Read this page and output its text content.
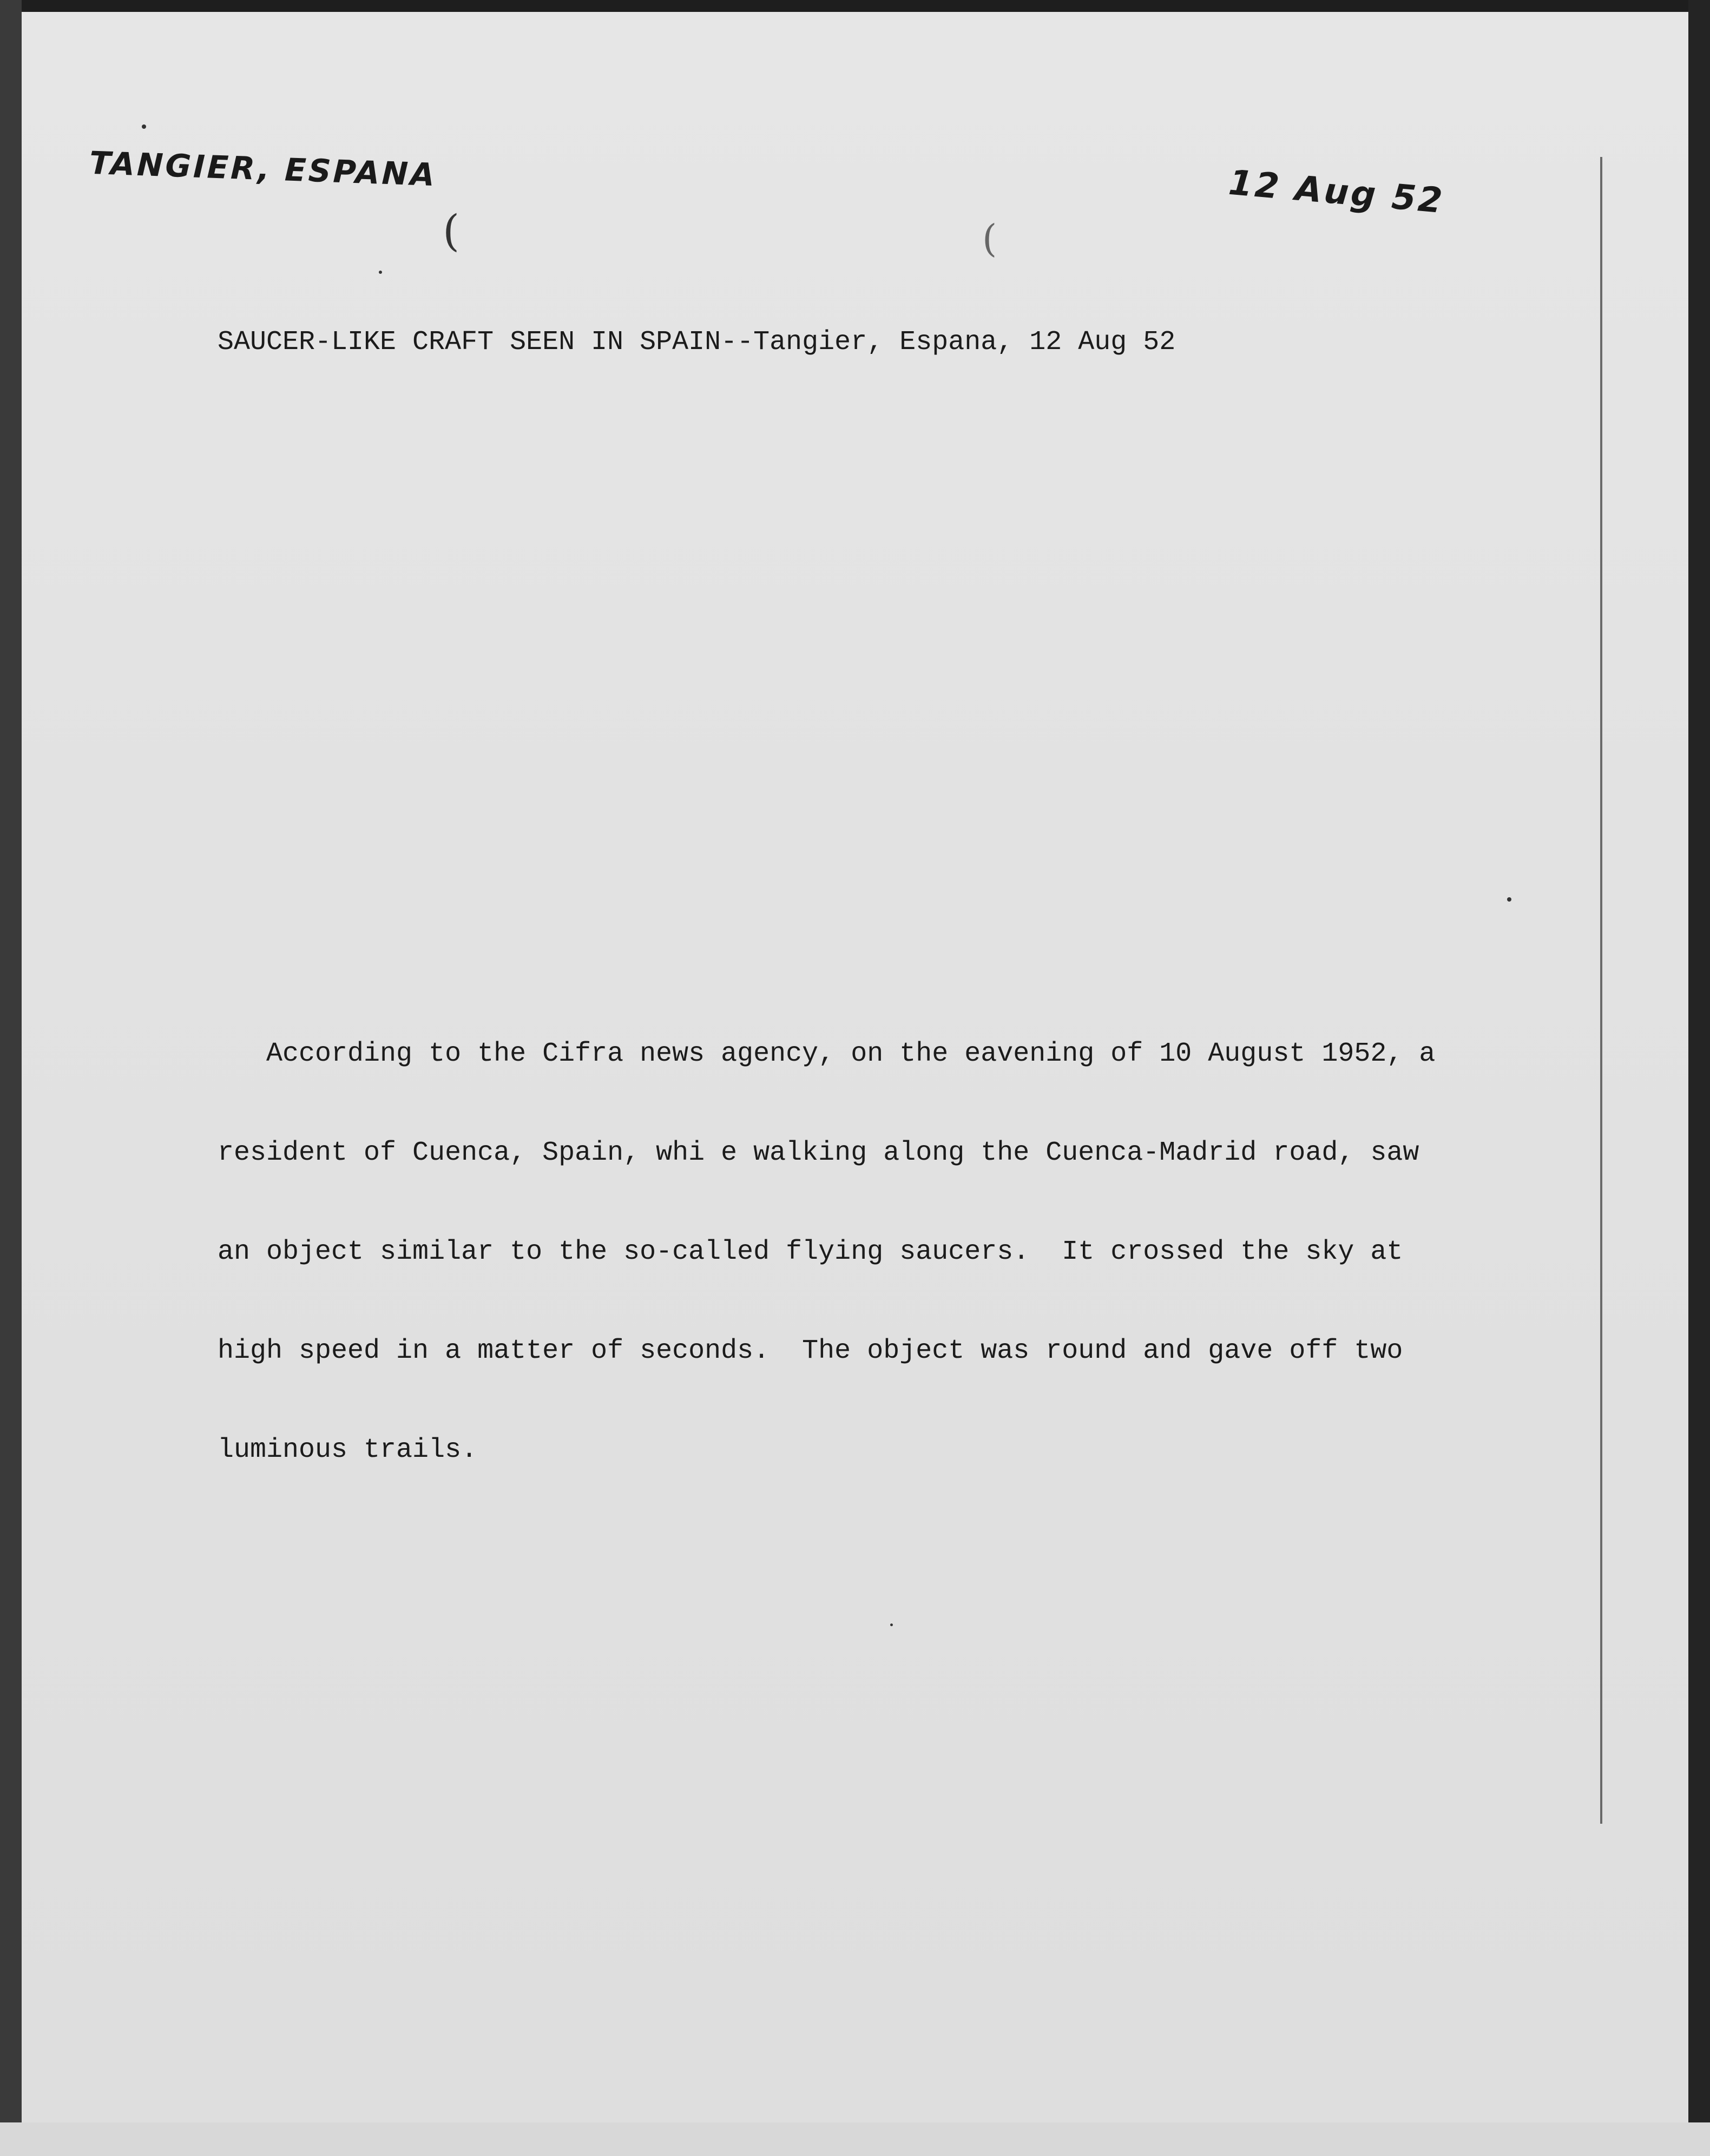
TANGIER, ESPANA	12 Aug 52
(	(
SAUCER-LIKE CRAFT SEEN IN SPAIN--Tangier, Espana, 12 Aug 52

According to the Cifra news agency, on the eavening of 10 August 1952, a

resident of Cuenca, Spain, whi e walking along the Cuenca-Madrid road, saw

an object similar to the so-called flying saucers.  It crossed the sky at

high speed in a matter of seconds.  The object was round and gave off two

luminous trails.
